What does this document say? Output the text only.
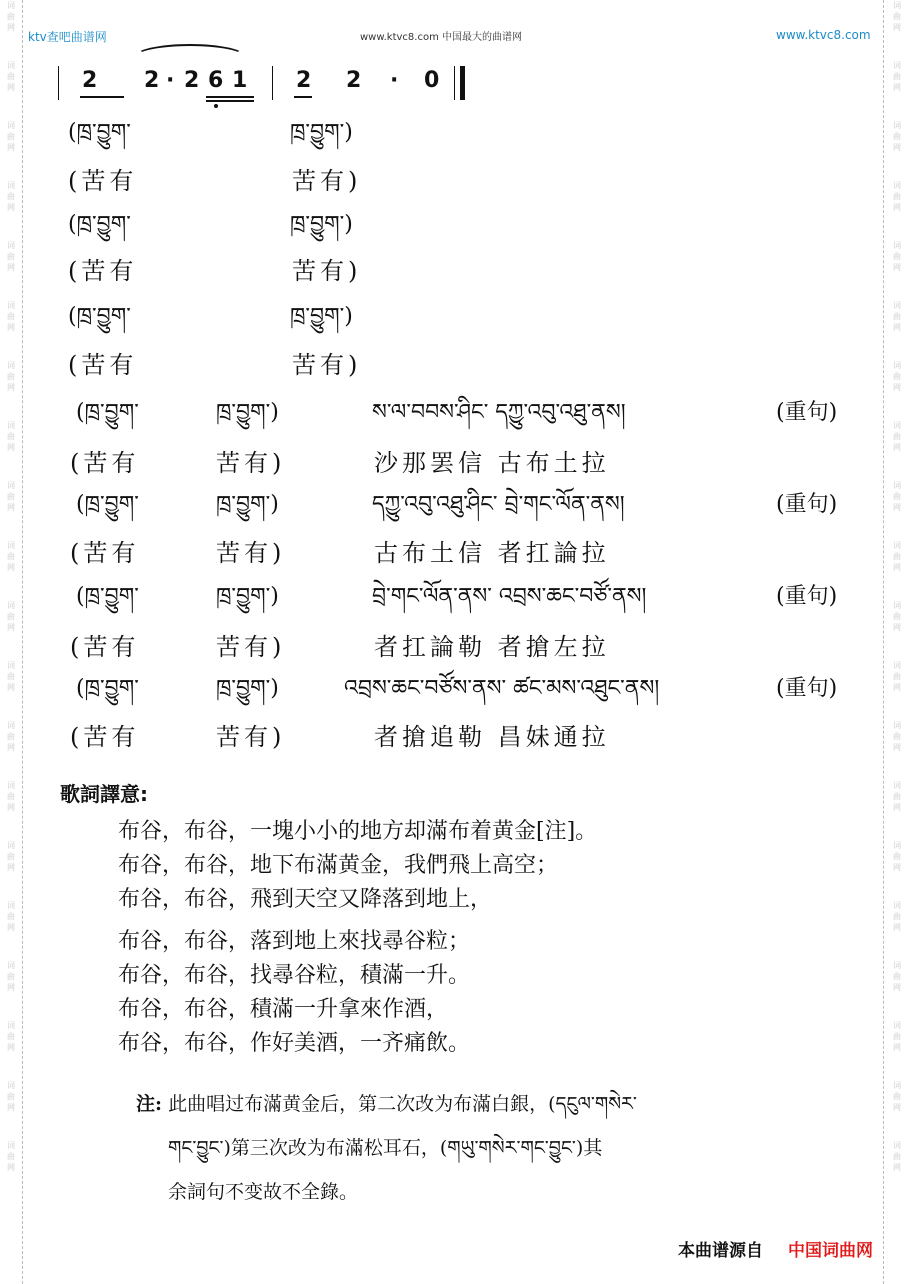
词
曲
网
词
曲
网
词
曲
网
词
曲
网
词
曲
网
词
曲
网
词
曲
网
词
曲
网
词
曲
网
词
曲
网
词
曲
网
词
曲
网
词
曲
网
词
曲
网
词
曲
网
词
曲
网
词
曲
网
词
曲
网
词
曲
网
词
曲
网
词
曲
网
词
曲
网
词
曲
网
词
曲
网
词
曲
网
词
曲
网
词
曲
网
词
曲
网
词
曲
网
词
曲
网
词
曲
网
词
曲
网
词
曲
网
词
曲
网
词
曲
网
词
曲
网
词
曲
网
词
曲
网
词
曲
网
词
曲
网
ktv查吧曲谱网	www.ktvc8.com 中国最大的曲谱网	www.ktvc8.com
2 2 · 2 6 1 2 2 · 0
(ཁྲ་བྱུག་	ཁྲ་བྱུག་)
(苦有	苦有)
(ཁྲ་བྱུག་	ཁྲ་བྱུག་)
(苦有	苦有)
(ཁྲ་བྱུག་	ཁྲ་བྱུག་)
(苦有	苦有)
(ཁྲ་བྱུག་	ཁྲ་བྱུག་)	ས་ལ་བབས་ཤིང་ དཀྱུ་འབུ་འཐུ་ནས།	(重句)
(苦有	苦有)	沙那罢信 古布土拉
(ཁྲ་བྱུག་	ཁྲ་བྱུག་)	དཀྱུ་འབུ་འཐུ་ཤིང་ བྲེ་གང་ལོན་ནས།	(重句)
(苦有	苦有)	古布土信 者扛論拉
(ཁྲ་བྱུག་	ཁྲ་བྱུག་)	བྲེ་གང་ལོན་ནས་ འབྲས་ཆང་བཙོ་ནས།	(重句)
(苦有	苦有)	者扛論勒 者搶左拉
(ཁྲ་བྱུག་	ཁྲ་བྱུག་)	འབྲས་ཆང་བཙོས་ནས་ ཚང་མས་འཐུང་ནས།	(重句)
(苦有	苦有)	者搶追勒 昌妹通拉
歌詞譯意:
布谷，布谷，一塊小小的地方却滿布着黄金[注]。
布谷，布谷，地下布滿黄金，我們飛上高空；
布谷，布谷，飛到天空又降落到地上，
布谷，布谷，落到地上來找尋谷粒；
布谷，布谷，找尋谷粒，積滿一升。
布谷，布谷，積滿一升拿來作酒，
布谷，布谷，作好美酒，一齐痛飲。
注: 此曲唱过布滿黄金后，第二次改为布滿白銀，(དངུལ་གསེར་
གང་བྱུང་)第三次改为布滿松耳石，(གཡུ་གསེར་གང་བྱུང་)其
余詞句不变故不全錄。
本曲谱源自 中国词曲网
